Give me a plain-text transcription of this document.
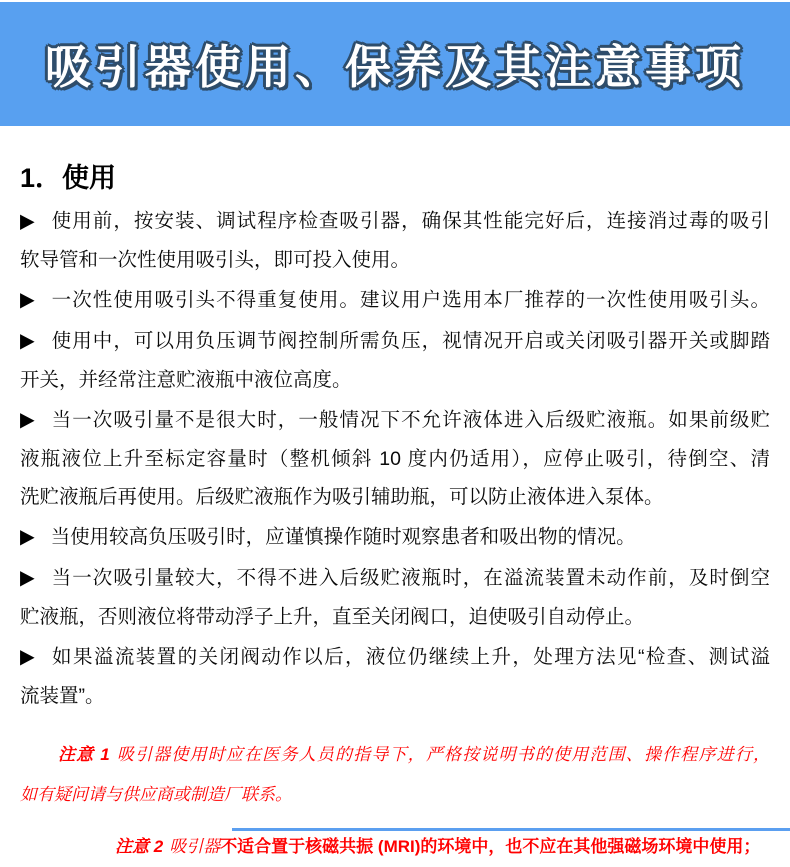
吸引器使用、保养及其注意事项
1．使用
▶ 使用前，按安装、调试程序检查吸引器，确保其性能完好后，连接消过毒的吸引
软导管和一次性使用吸引头，即可投入使用。
▶ 一次性使用吸引头不得重复使用。建议用户选用本厂推荐的一次性使用吸引头。
▶ 使用中，可以用负压调节阀控制所需负压，视情况开启或关闭吸引器开关或脚踏
开关，并经常注意贮液瓶中液位高度。
▶ 当一次吸引量不是很大时，一般情况下不允许液体进入后级贮液瓶。如果前级贮
液瓶液位上升至标定容量时（整机倾斜 10 度内仍适用），应停止吸引，待倒空、清
洗贮液瓶后再使用。后级贮液瓶作为吸引辅助瓶，可以防止液体进入泵体。
▶ 当使用较高负压吸引时，应谨慎操作随时观察患者和吸出物的情况。
▶ 当一次吸引量较大，不得不进入后级贮液瓶时，在溢流装置未动作前，及时倒空
贮液瓶，否则液位将带动浮子上升，直至关闭阀口，迫使吸引自动停止。
▶ 如果溢流装置的关闭阀动作以后，液位仍继续上升，处理方法见“检查、测试溢
流装置”。
注意 1 吸引器使用时应在医务人员的指导下，严格按说明书的使用范围、操作程序进行，
如有疑问请与供应商或制造厂联系。
注意 2 吸引器不适合置于核磁共振 (MRI)的环境中，也不应在其他强磁场环境中使用；
